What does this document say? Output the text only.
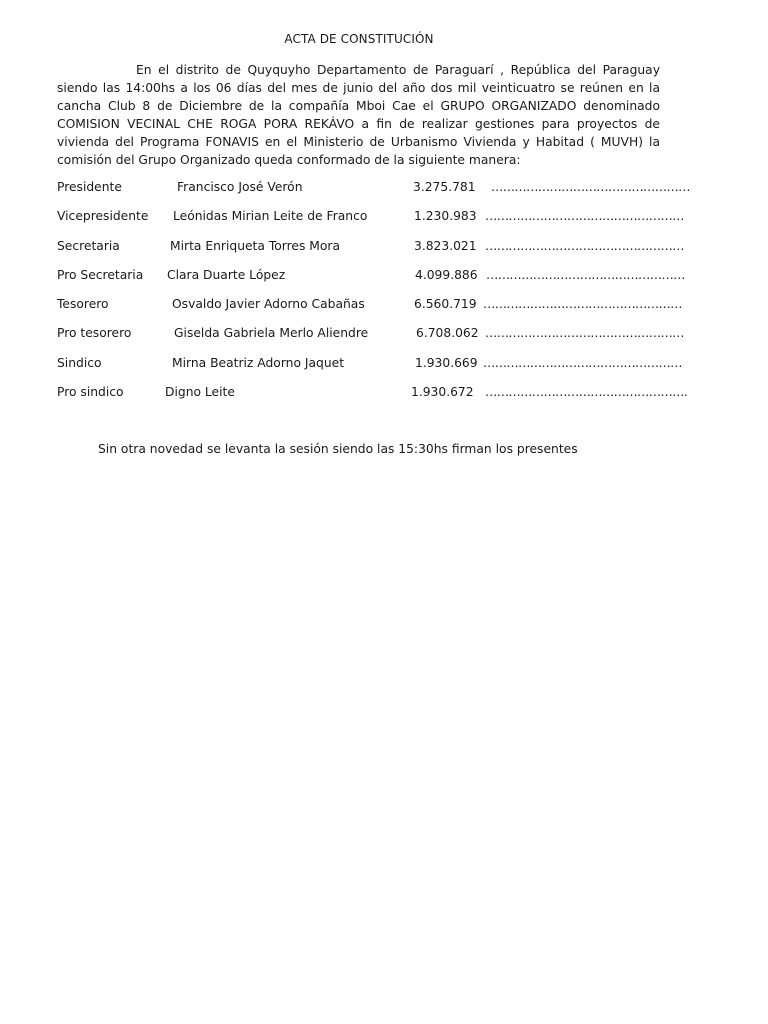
ACTA DE CONSTITUCIÓN
En el distrito de Quyquyho Departamento de Paraguarí , República del Paraguay siendo las 14:00hs a los 06 días del mes de junio del año dos mil veinticuatro se reúnen en la cancha Club 8 de Diciembre de la compañía Mboi Cae el GRUPO ORGANIZADO denominado COMISION VECINAL CHE ROGA PORA REKÁVO a fin de realizar gestiones para proyectos de vivienda del Programa FONAVIS en el Ministerio de Urbanismo Vivienda y Habitad ( MUVH) la comisión del Grupo Organizado queda conformado de la siguiente manera:
Presidente	Francisco José Verón	3.275.781 ……………………………………………
Vicepresidente Leónidas Mirian Leite de Franco	1.230.983 ……………………………………………
Secretaria	Mirta Enriqueta Torres Mora	3.823.021 ……………………………………………
Pro Secretaria Clara Duarte López	4.099.886 ……………………………………………
Tesorero	Osvaldo Javier Adorno Cabañas	6.560.719 ……………………………………………
Pro tesorero	Giselda Gabriela Merlo Aliendre	6.708.062 ……………………………………………
Sindico	Mirna Beatriz Adorno Jaquet	1.930.669 ……………………………………………
Pro sindico	Digno Leite	1.930.672 …………………………………………….
Sin otra novedad se levanta la sesión siendo las 15:30hs firman los presentes
